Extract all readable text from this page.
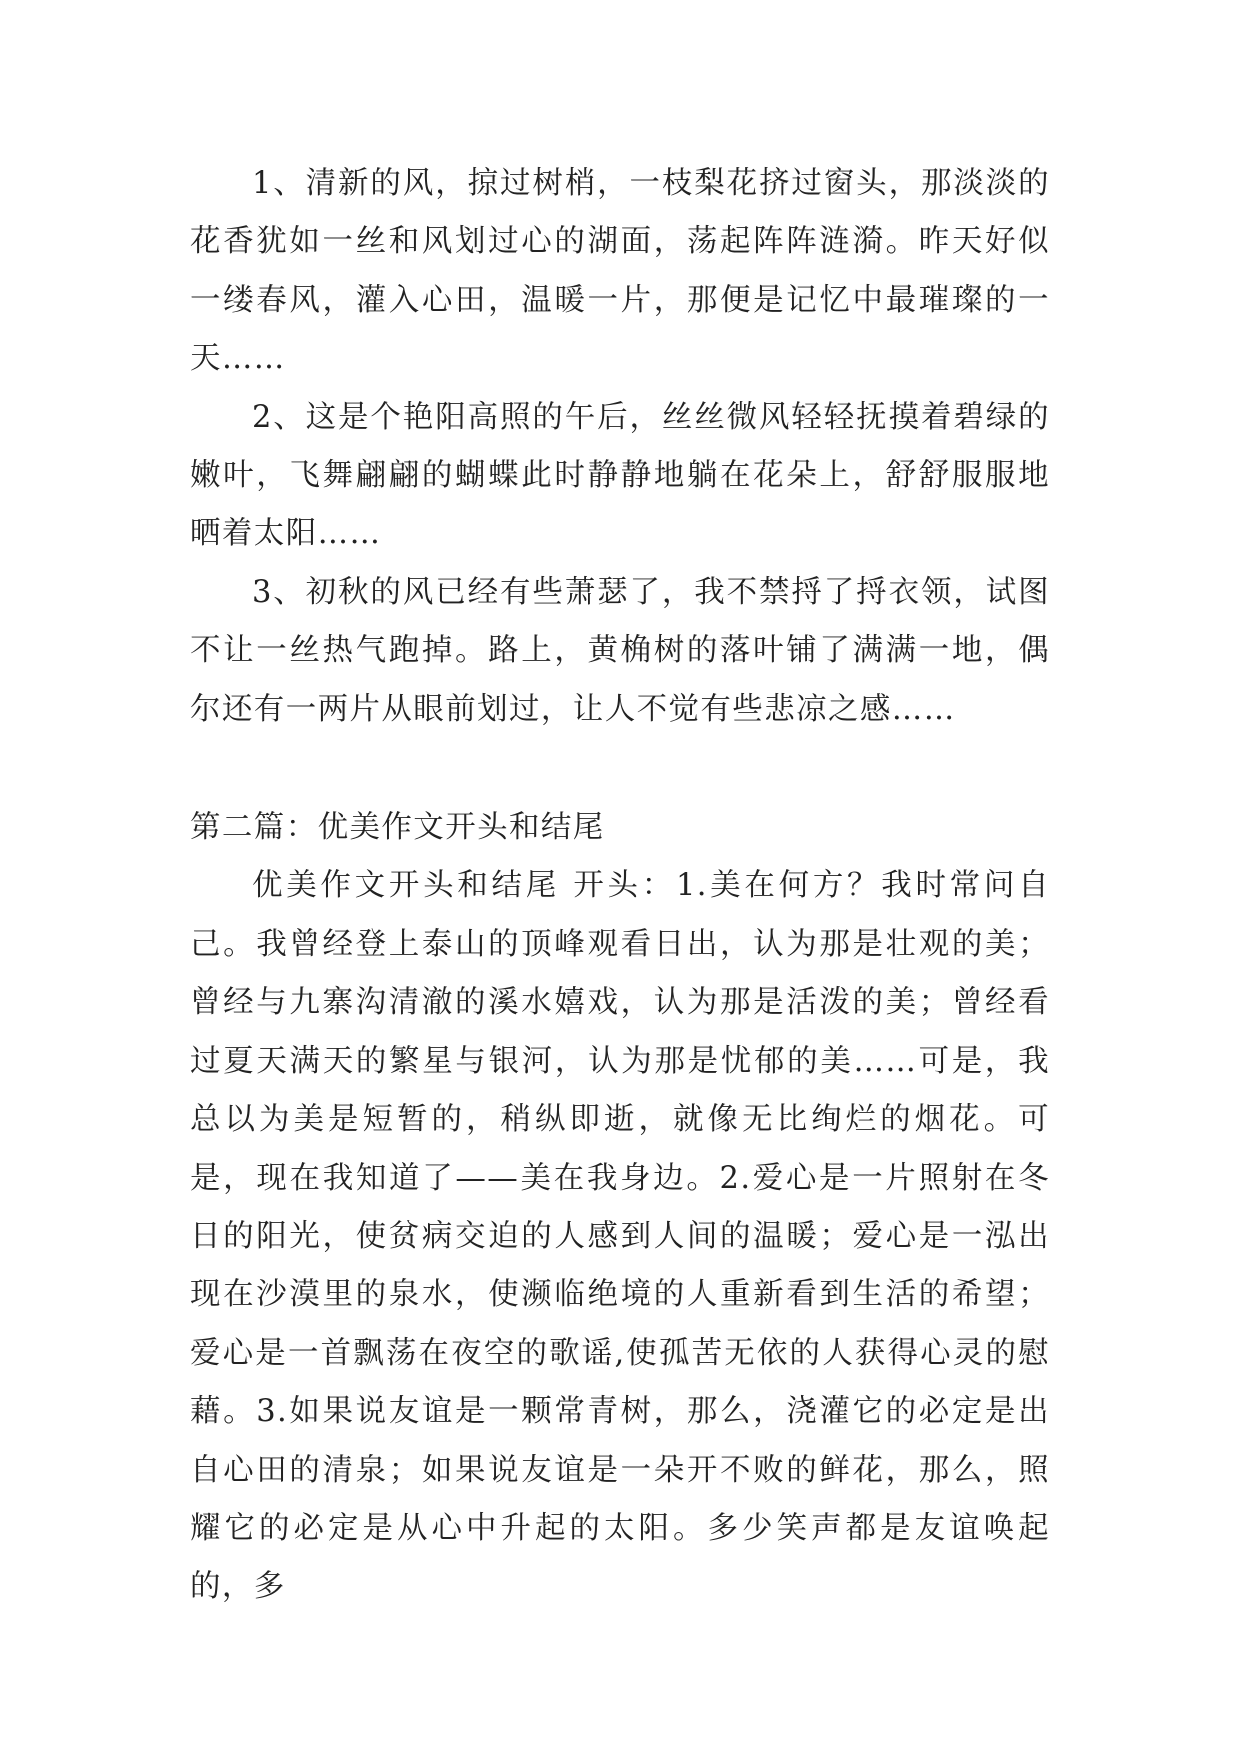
1、清新的风，掠过树梢，一枝梨花挤过窗头，那淡淡的花香犹如一丝和风划过心的湖面，荡起阵阵涟漪。昨天好似一缕春风，灌入心田，温暖一片，那便是记忆中最璀璨的一天……

2、这是个艳阳高照的午后，丝丝微风轻轻抚摸着碧绿的嫩叶，飞舞翩翩的蝴蝶此时静静地躺在花朵上，舒舒服服地晒着太阳……

3、初秋的风已经有些萧瑟了，我不禁捋了捋衣领，试图不让一丝热气跑掉。路上，黄桷树的落叶铺了满满一地，偶尔还有一两片从眼前划过，让人不觉有些悲凉之感……

第二篇：优美作文开头和结尾

优美作文开头和结尾 开头：1.美在何方？我时常问自己。我曾经登上泰山的顶峰观看日出，认为那是壮观的美；曾经与九寨沟清澈的溪水嬉戏，认为那是活泼的美；曾经看过夏天满天的繁星与银河，认为那是忧郁的美……可是，我总以为美是短暂的，稍纵即逝，就像无比绚烂的烟花。可是，现在我知道了——美在我身边。2.爱心是一片照射在冬日的阳光，使贫病交迫的人感到人间的温暖；爱心是一泓出现在沙漠里的泉水，使濒临绝境的人重新看到生活的希望；爱心是一首飘荡在夜空的歌谣,使孤苦无依的人获得心灵的慰藉。3.如果说友谊是一颗常青树，那么，浇灌它的必定是出自心田的清泉；如果说友谊是一朵开不败的鲜花，那么，照耀它的必定是从心中升起的太阳。多少笑声都是友谊唤起的，多
